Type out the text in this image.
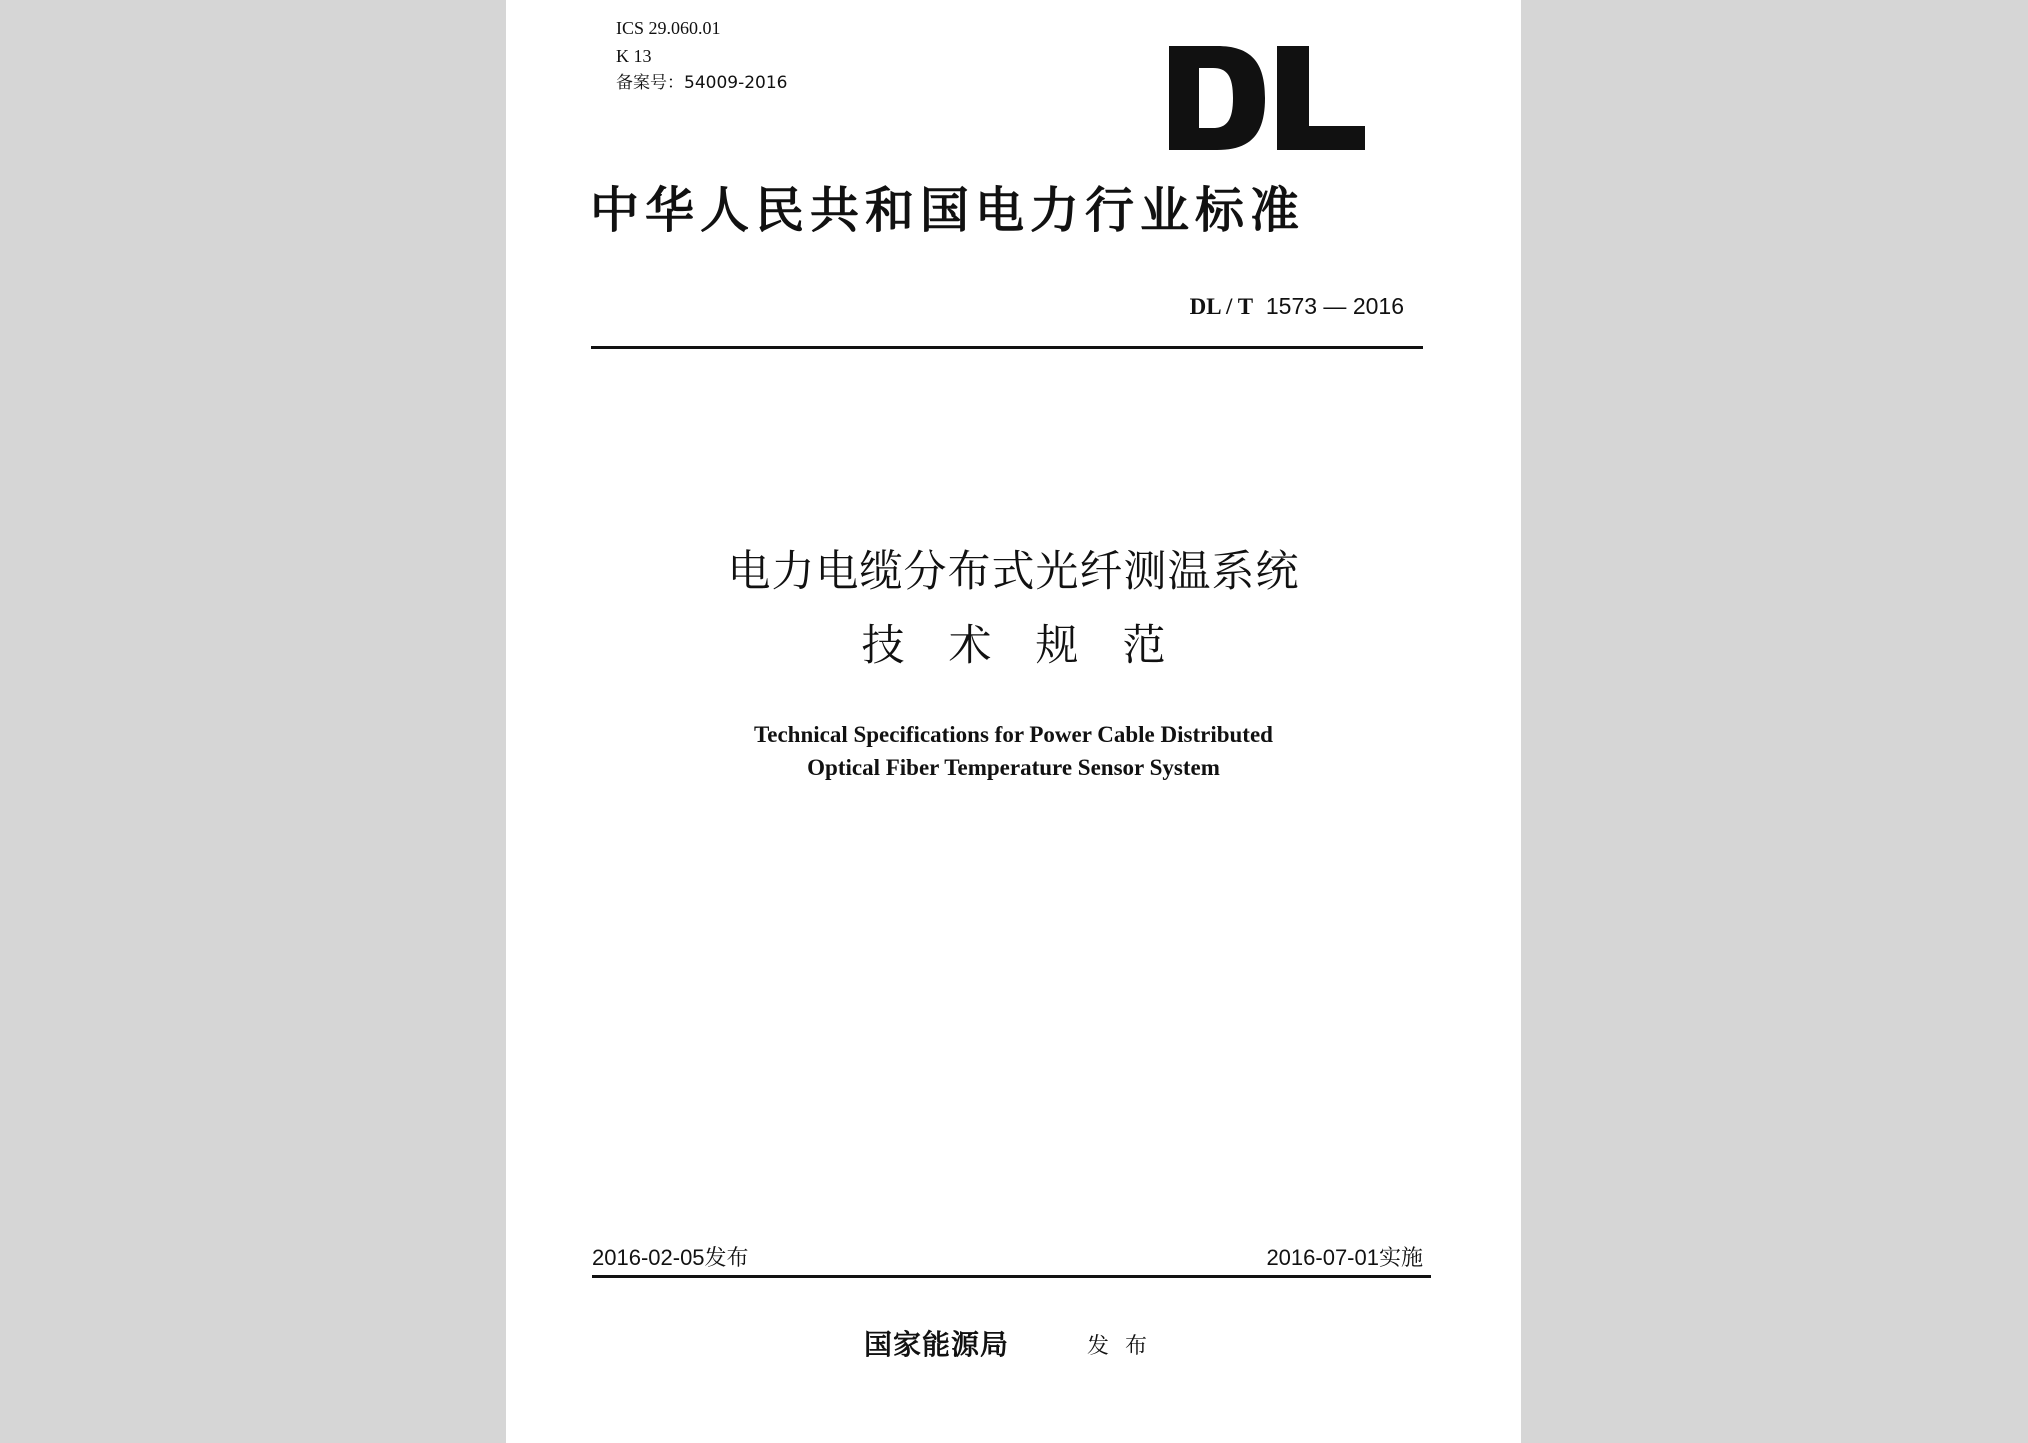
ICS 29.060.01
K 13
备案号：54009-2016
中华人民共和国电力行业标准
DL / T 1573 — 2016
电力电缆分布式光纤测温系统
技术规范
Technical Specifications for Power Cable Distributed
Optical Fiber Temperature Sensor System
2016-02-05发布	2016-07-01实施
国家能源局	发布
